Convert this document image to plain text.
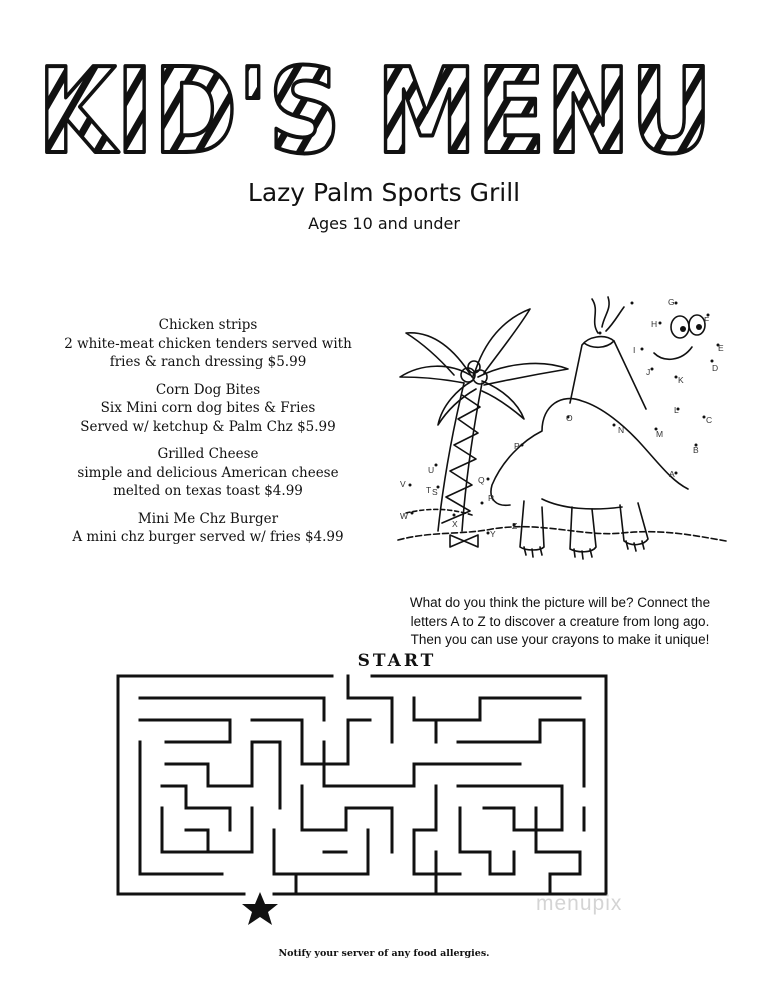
KID'S MENU
Lazy Palm Sports Grill
Ages 10 and under
Chicken strips
2 white-meat chicken tenders served with
fries & ranch dressing $5.99
Corn Dog Bites
Six Mini corn dog bites & Fries
Served w/ ketchup & Palm Chz $5.99
Grilled Cheese
simple and delicious American cheese
melted on texas toast $4.99
Mini Me Chz Burger
A mini chz burger served w/ fries $4.99
A
B
C
D
E
F
G
H
I
J
K
L
M
N
O
P
Q
R
S
T
U
V
W
X
Y
Z
What do you think the picture will be? Connect the
letters A to Z to discover a creature from long ago.
Then you can use your crayons to make it unique!
START
menupix
Notify your server of any food allergies.
